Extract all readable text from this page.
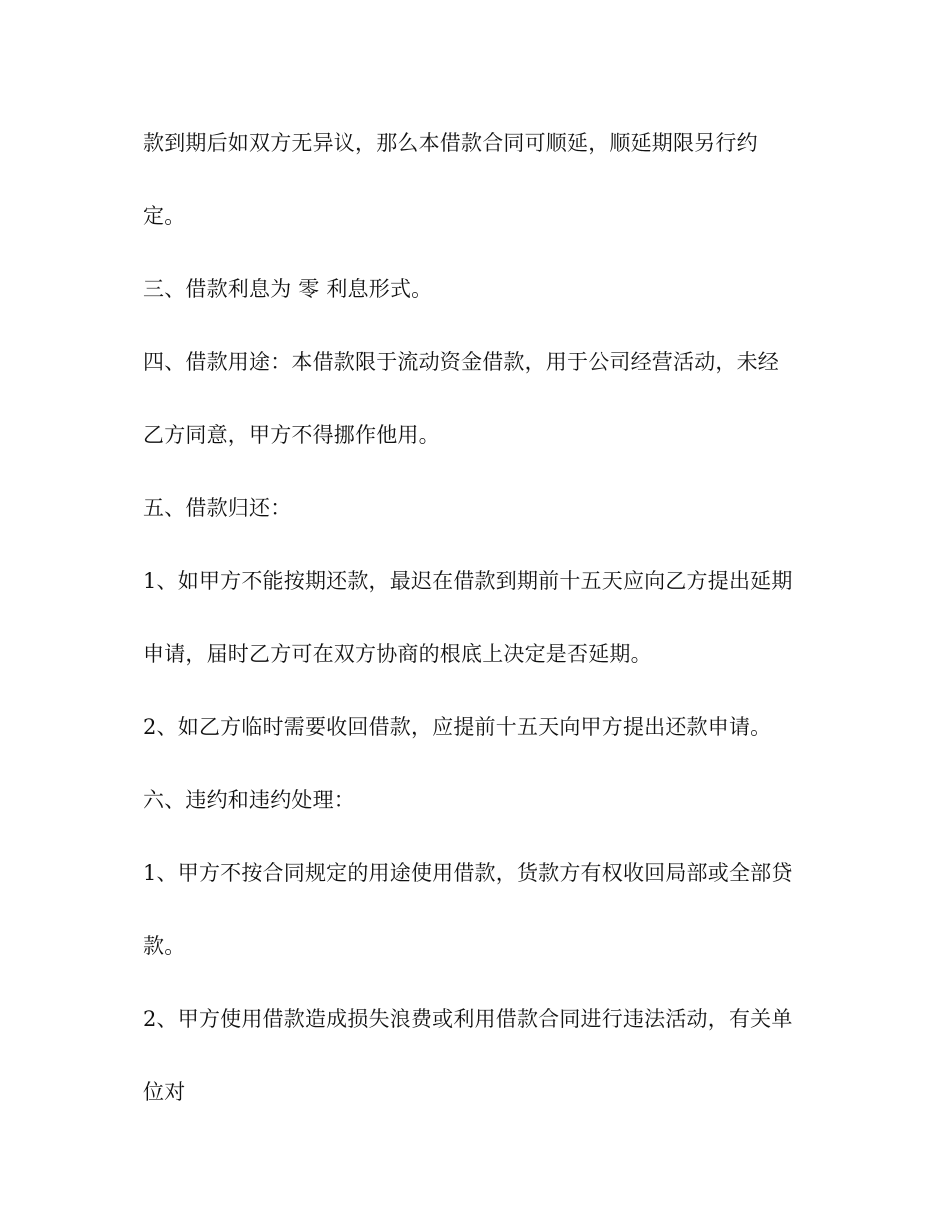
款到期后如双方无异议，那么本借款合同可顺延，顺延期限另行约

定。

三、借款利息为 零 利息形式。

四、借款用途：本借款限于流动资金借款，用于公司经营活动，未经

乙方同意，甲方不得挪作他用。

五、借款归还：

1、如甲方不能按期还款，最迟在借款到期前十五天应向乙方提出延期

申请，届时乙方可在双方协商的根底上决定是否延期。

2、如乙方临时需要收回借款，应提前十五天向甲方提出还款申请。

六、违约和违约处理：

1、甲方不按合同规定的用途使用借款，货款方有权收回局部或全部贷

款。

2、甲方使用借款造成损失浪费或利用借款合同进行违法活动，有关单

位对
